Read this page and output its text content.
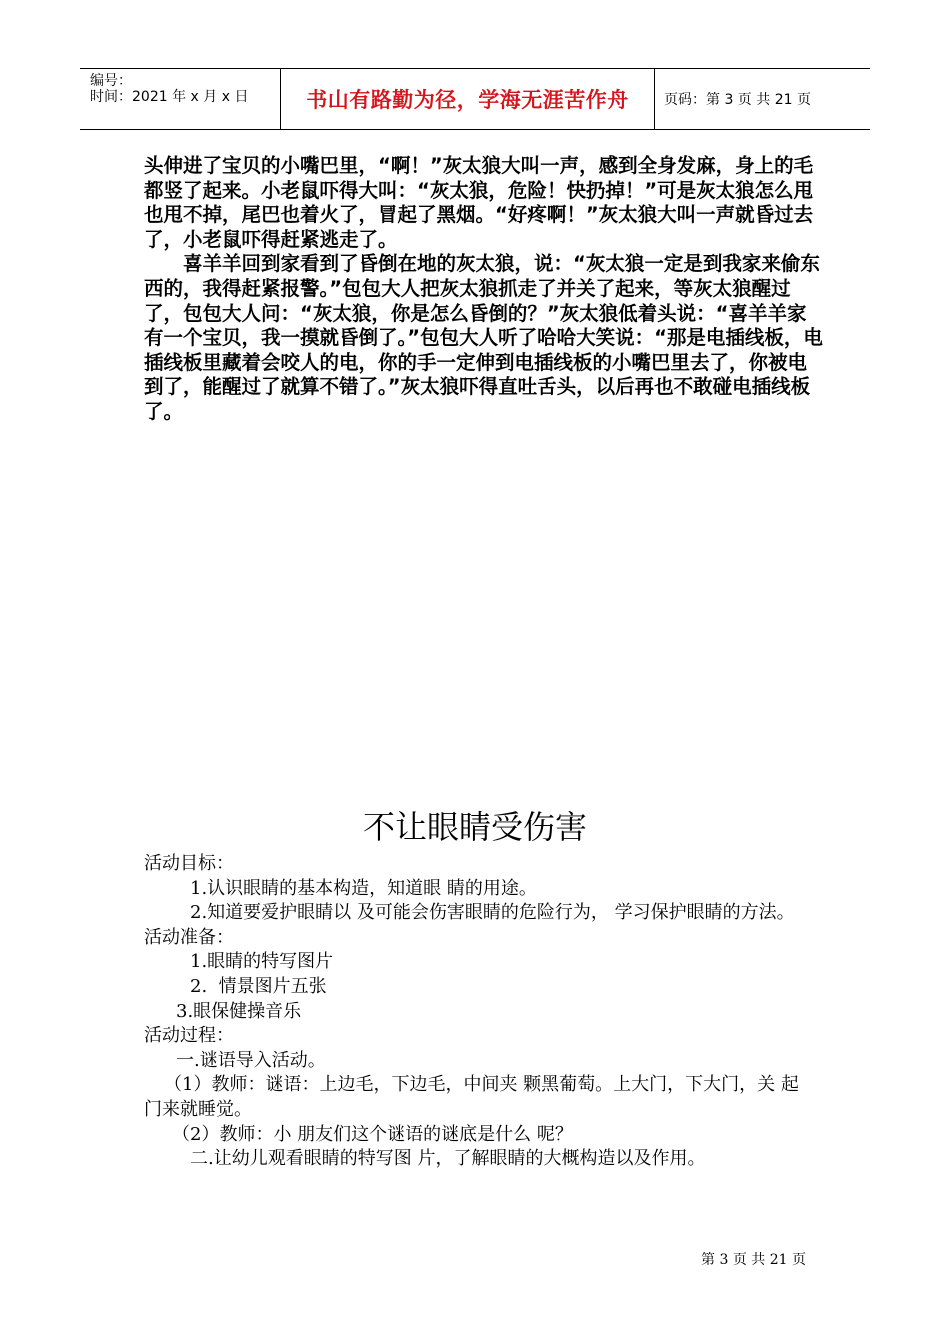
编号：
时间：2021 年 x 月 x 日	书山有路勤为径，学海无涯苦作舟	页码：第 3 页 共 21 页

头伸进了宝贝的小嘴巴里，“啊！”灰太狼大叫一声，感到全身发麻，身上的毛都竖了起来。小老鼠吓得大叫：“灰太狼，危险！快扔掉！”可是灰太狼怎么甩也甩不掉，尾巴也着火了，冒起了黑烟。“好疼啊！”灰太狼大叫一声就昏过去了，小老鼠吓得赶紧逃走了。

喜羊羊回到家看到了昏倒在地的灰太狼，说：“灰太狼一定是到我家来偷东西的，我得赶紧报警。”包包大人把灰太狼抓走了并关了起来，等灰太狼醒过了，包包大人问：“灰太狼，你是怎么昏倒的？”灰太狼低着头说：“喜羊羊家有一个宝贝，我一摸就昏倒了。”包包大人听了哈哈大笑说：“那是电插线板，电插线板里藏着会咬人的电，你的手一定伸到电插线板的小嘴巴里去了，你被电到了，能醒过了就算不错了。”灰太狼吓得直吐舌头，以后再也不敢碰电插线板了。

不让眼睛受伤害

活动目标：

1.认识眼睛的基本构造，知道眼 睛的用途。

2.知道要爱护眼睛以 及可能会伤害眼睛的危险行为， 学习保护眼睛的方法。

活动准备：

1.眼睛的特写图片

2.  情景图片五张

3.眼保健操音乐

活动过程：

一.谜语导入活动。

（1）教师：谜语：上边毛，下边毛，中间夹 颗黑葡萄。上大门，下大门，关 起 门来就睡觉。

（2）教师：小 朋友们这个谜语的谜底是什么 呢？

二.让幼儿观看眼睛的特写图 片，了解眼睛的大概构造以及作用。

第 3 页 共 21 页
